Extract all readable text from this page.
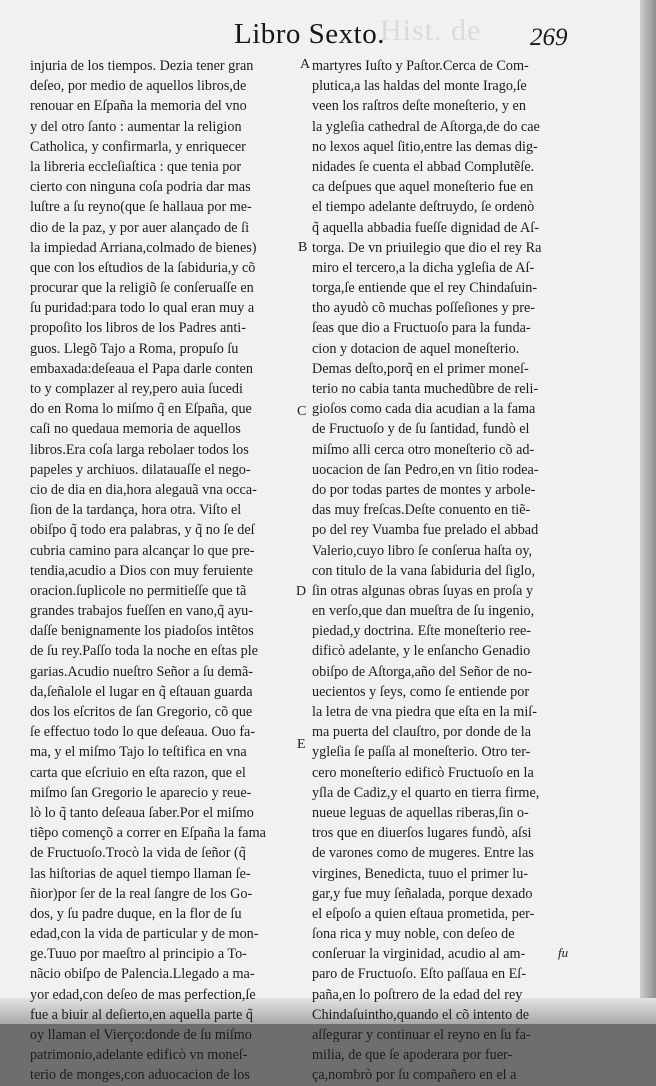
Hist. de
Libro Sexto.	269
injuria de los tiempos. Dezia tener gran
deſeo, por medio de aquellos libros,de
renouar en Eſpaña la memoria del vno
y del otro ſanto : aumentar la religion
Catholica, y confirmarla, y enriquecer
la libreria eccleſiaſtica : que tenia por
cierto con ninguna coſa podria dar mas
luſtre a ſu reyno(que ſe hallaua por me-
dio de la paz, y por auer alançado de ſi
la impiedad Arriana,colmado de bienes)
que con los eſtudios de la ſabiduria,y cõ
procurar que la religiõ ſe conſeruaſſe en
ſu puridad:para todo lo qual eran muy a
propoſito los libros de los Padres anti-
guos. Llegõ Tajo a Roma, propuſo ſu
embaxada:deſeaua el Papa darle conten
to y complazer al rey,pero auia ſucedi
do en Roma lo miſmo q̃ en Eſpaña, que
caſi no quedaua memoria de aquellos
libros.Era coſa larga rebolaer todos los
papeles y archiuos. dilatauaſſe el nego-
cio de dia en dia,hora alegauã vna occa-
ſion de la tardança, hora otra. Viſto el
obiſpo q̃ todo era palabras, y q̃ no ſe deſ
cubria camino para alcançar lo que pre-
tendia,acudio a Dios con muy feruiente
oracion.ſuplicole no permitieſſe que tã
grandes trabajos fueſſen en vano,q̃ ayu-
daſſe benignamente los piadoſos intẽtos
de ſu rey.Paſſo toda la noche en eſtas ple
garias.Acudio nueſtro Señor a ſu demã-
da,ſeñalole el lugar en q̃ eſtauan guarda
dos los eſcritos de ſan Gregorio, cõ que
ſe effectuo todo lo que deſeaua. Ouo fa-
ma, y el miſmo Tajo lo teſtifica en vna
carta que eſcriuio en eſta razon, que el
miſmo ſan Gregorio le aparecio y reue-
lò lo q̃ tanto deſeaua ſaber.Por el miſmo
tiẽpo començõ a correr en Eſpaña la fama
de Fructuoſo.Trocò la vida de ſeñor (q̃
las hiſtorias de aquel tiempo llaman ſe-
ñior)por ſer de la real ſangre de los Go-
dos, y ſu padre duque, en la flor de ſu
edad,con la vida de particular y de mon-
ge.Tuuo por maeſtro al principio a To-
nãcio obiſpo de Palencia.Llegado a ma-
yor edad,con deſeo de mas perfection,ſe
fue a biuir al deſierto,en aquella parte q̃
oy llaman el Vierço:donde de ſu miſmo
patrimonio,adelante edificò vn moneſ-
terio de monges,con aduocacion de los
martyres Iuſto y Paſtor.Cerca de Com-
plutica,a las haldas del monte Irago,ſe
veen los raſtros deſte moneſterio, y en
la ygleſia cathedral de Aſtorga,de do cae
no lexos aquel ſitio,entre las demas dig-
nidades ſe cuenta el abbad Complutẽſe.
ca deſpues que aquel moneſterio fue en
el tiempo adelante deſtruydo, ſe ordenò
q̃ aquella abbadia fueſſe dignidad de Aſ-
torga. De vn priuilegio que dio el rey Ra
miro el tercero,a la dicha ygleſia de Aſ-
torga,ſe entiende que el rey Chindaſuin-
tho ayudò cõ muchas poſſeſiones y pre-
ſeas que dio a Fructuoſo para la funda-
cion y dotacion de aquel moneſterio.
Demas deſto,porq̃ en el primer moneſ-
terio no cabia tanta muchedũbre de reli-
gioſos como cada dia acudian a la fama
de Fructuoſo y de ſu ſantidad, fundò el
miſmo alli cerca otro moneſterio cõ ad-
uocacion de ſan Pedro,en vn ſitio rodea-
do por todas partes de montes y arbole-
das muy freſcas.Deſte conuento en tiẽ-
po del rey Vuamba fue prelado el abbad
Valerio,cuyo libro ſe conſerua haſta oy,
con titulo de la vana ſabiduria del ſiglo,
ſin otras algunas obras ſuyas en proſa y
en verſo,que dan mueſtra de ſu ingenio,
piedad,y doctrina. Eſte moneſterio ree-
dificò adelante, y le enſancho Genadio
obiſpo de Aſtorga,año del Señor de no-
uecientos y ſeys, como ſe entiende por
la letra de vna piedra que eſta en la miſ-
ma puerta del clauſtro, por donde de la
ygleſia ſe paſſa al moneſterio. Otro ter-
cero moneſterio edificò Fructuoſo en la
yſla de Cadiz,y el quarto en tierra firme,
nueue leguas de aquellas riberas,ſin o-
tros que en diuerſos lugares fundò, aſsi
de varones como de mugeres. Entre las
virgines, Benedicta, tuuo el primer lu-
gar,y fue muy ſeñalada, porque dexado
el eſpoſo a quien eſtaua prometida, per-
ſona rica y muy noble, con deſeo de
conſeruar la virginidad, acudio al am-
paro de Fructuoſo. Eſto paſſaua en Eſ-
paña,en lo poſtrero de la edad del rey
Chindaſuintho,quando el cõ intento de
aſſegurar y continuar el reyno en ſu fa-
milia, de que ſe apoderara por fuer-
ça,nombrò por ſu compañero en el a
A
B
C
D
E
fu
